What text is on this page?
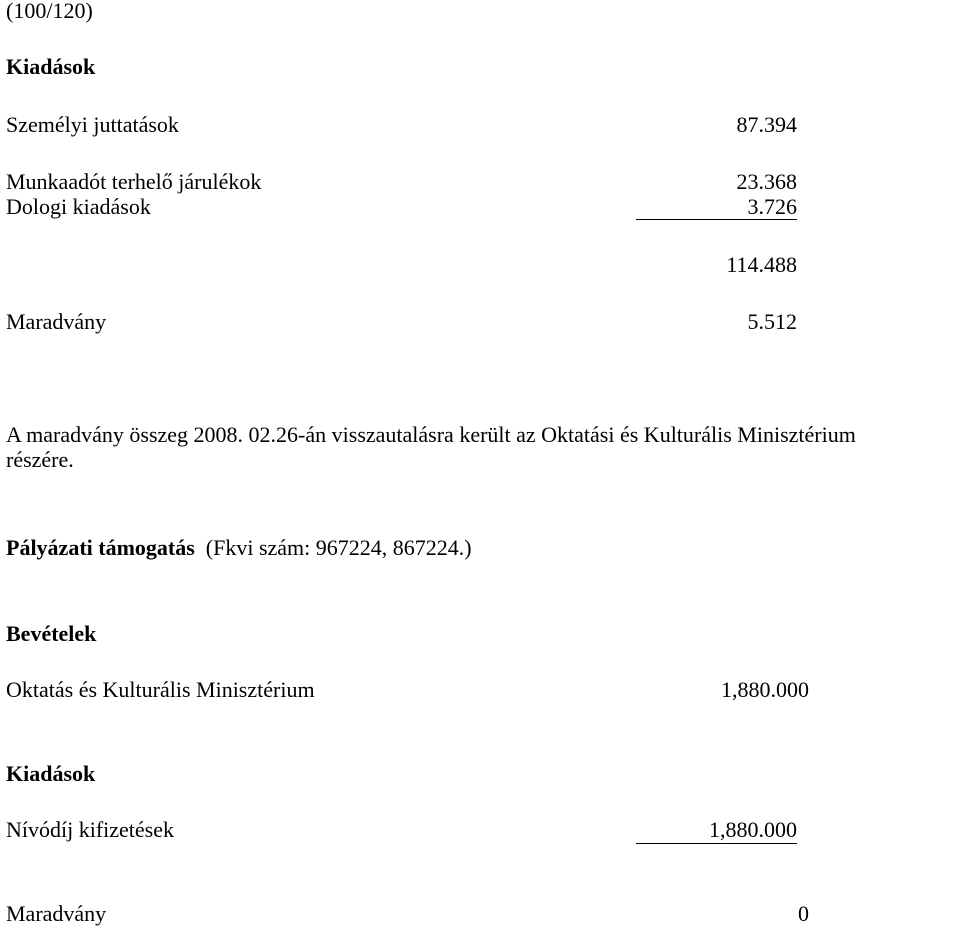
(100/120)
Kiadások
Személyi juttatások	87.394
Munkaadót terhelő járulékok	23.368
Dologi kiadások	3.726
114.488
Maradvány	5.512
A maradvány összeg 2008. 02.26-án visszautalásra került az Oktatási és Kulturális Minisztérium
részére.
Pályázati támogatás  (Fkvi szám: 967224, 867224.)
Bevételek
Oktatás és Kulturális Minisztérium	1,880.000
Kiadások
Nívódíj kifizetések	1,880.000
Maradvány	0
